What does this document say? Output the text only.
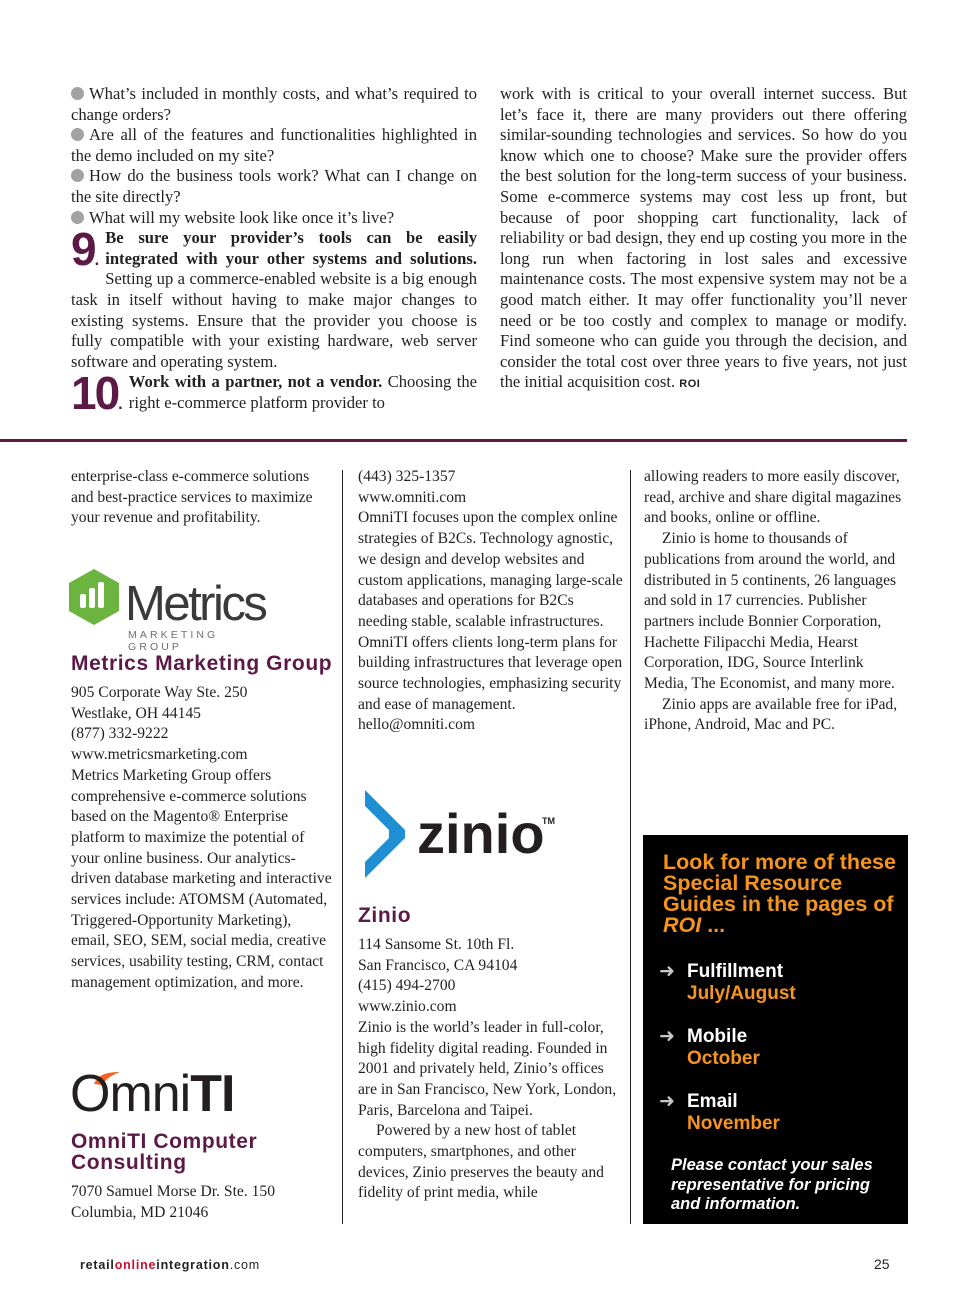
What’s included in monthly costs, and what’s required to change orders?

Are all of the features and functionalities highlighted in the demo included on my site?

How do the business tools work? What can I change on the site directly?

What will my website look like once it’s live?

9.
Be sure your provider’s tools can be easily integrated with your other systems and solutions. Setting up a commerce-enabled website is a big enough task in itself without having to make major changes to existing systems. Ensure that the provider you choose is fully compatible with your existing hardware, web server software and operating system.
10.
Work with a partner, not a vendor. Choosing the right e-commerce platform provider to
work with is critical to your overall internet success. But let’s face it, there are many providers out there offering similar-sounding technologies and services. So how do you know which one to choose? Make sure the provider offers the best solution for the long-term success of your business. Some e-commerce systems may cost less up front, but because of poor shopping cart functionality, lack of reliability or bad design, they end up costing you more in the long run when factoring in lost sales and excessive maintenance costs. The most expensive system may not be a good match either. It may offer functionality you’ll never need or be too costly and complex to manage or modify. Find someone who can guide you through the decision, and consider the total cost over three years to five years, not just the initial acquisition cost. ROI

enterprise-class e-commerce solutions and best-practice services to maximize your revenue and profitability.

Metrics
MARKETING GROUP
Metrics Marketing Group
905 Corporate Way Ste. 250
Westlake, OH 44145
(877) 332-9222
www.metricsmarketing.com

Metrics Marketing Group offers comprehensive e-commerce solutions based on the Magento® Enterprise platform to maximize the potential of your online business. Our analytics-driven database marketing and interactive services include: ATOMSM (Automated, Triggered-Opportunity Marketing), email, SEO, SEM, social media, creative services, usability testing, CRM, contact management optimization, and more.

OmniTI
OmniTI Computer Consulting
7070 Samuel Morse Dr. Ste. 150
Columbia, MD 21046
(443) 325-1357
www.omniti.com

OmniTI focuses upon the complex online strategies of B2Cs. Technology agnostic, we design and develop websites and custom applications, managing large-scale databases and operations for B2Cs needing stable, scalable infrastructures. OmniTI offers clients long-term plans for building infrastructures that leverage open source technologies, emphasizing security and ease of management. hello@omniti.com

zinio
TM
Zinio
114 Sansome St. 10th Fl.
San Francisco, CA 94104
(415) 494-2700
www.zinio.com

Zinio is the world’s leader in full-color, high fidelity digital reading. Founded in 2001 and privately held, Zinio’s offices are in San Francisco, New York, London, Paris, Barcelona and Taipei.

Powered by a new host of tablet computers, smartphones, and other devices, Zinio preserves the beauty and fidelity of print media, while

allowing readers to more easily discover, read, archive and share digital magazines and books, online or offline.

Zinio is home to thousands of publications from around the world, and distributed in 5 continents, 26 languages and sold in 17 currencies. Publisher partners include Bonnier Corporation, Hachette Filipacchi Media, Hearst Corporation, IDG, Source Interlink Media, The Economist, and many more.

Zinio apps are available free for iPad, iPhone, Android, Mac and PC.

Look for more of these Special Resource Guides in the pages of ROI ...
➜ Fulfillment
July/August
➜ Mobile
October
➜ Email
November
Please contact your sales representative for pricing and information.
retailonlineintegration.com	25
